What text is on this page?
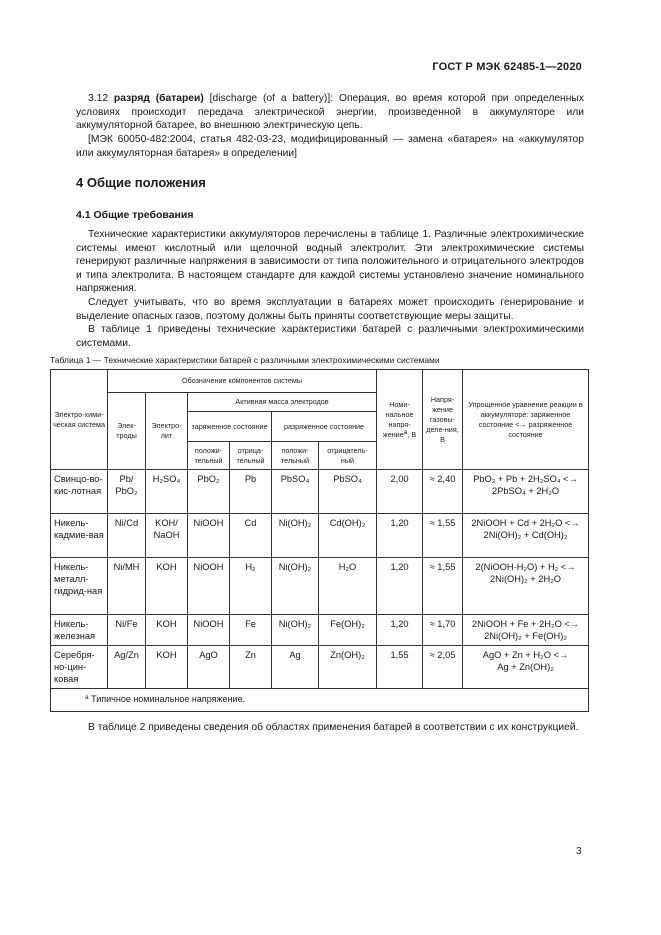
ГОСТ Р МЭК 62485-1—2020
3.12 разряд (батареи) [discharge (of a battery)]: Операция, во время которой при определенных условиях происходит передача электрической энергии, произведенной в аккумуляторе или аккумуляторной батарее, во внешнюю электрическую цепь.
[МЭК 60050-482:2004, статья 482-03-23, модифицированный — замена «батарея» на «аккумулятор или аккумуляторная батарея» в определении]
4 Общие положения
4.1 Общие требования
Технические характеристики аккумуляторов перечислены в таблице 1. Различные электрохимические системы имеют кислотный или щелочной водный электролит. Эти электрохимические системы генерируют различные напряжения в зависимости от типа положительного и отрицательного электродов и типа электролита. В настоящем стандарте для каждой системы установлено значение номинального напряжения.
Следует учитывать, что во время эксплуатации в батареях может происходить генерирование и выделение опасных газов, поэтому должны быть приняты соответствующие меры защиты.
В таблице 1 приведены технические характеристики батарей с различными электрохимическими системами.
Таблица 1 — Технические характеристики батарей с различными электрохимическими системами
Электро-хими-ческая система	Обозначение компонентов системы						Номи-нальное напря-жение$^a$, В	Напря-жение газовы-деле-ния, В	Упрощенное уравнение реакции в аккумуляторе: заряженное состояние <→ разряженное состояние
	Элек-троды	Электро-лит	Активная масса электродов						
			заряженное состояние		разряженное состояние				
			положи-тельный	отрица-тельный	положи-тельный	отрицатель-ный			
Свинцо-во-кис-лотная	Pb/ PbO₂	H₂SO₄	PbO₂	Pb	PbSO₄	PbSO₄	2,00	≈ 2,40	PbO₂ + Pb + 2H₂SO₄ <→
2PbSO₄ + 2H₂O

Никель-кадмие-вая	Ni/Cd	KOH/ NaOH	NiOOH	Cd	Ni(OH)₂	Cd(OH)₂	1,20	≈ 1,55	2NiOOH + Cd + 2H₂O <→
2Ni(OH)₂ + Cd(OH)₂

Никель-металл-гидрид-ная	Ni/MH	KOH	NiOOH	H₂	Ni(OH)₂	H₂O	1,20	≈ 1,55	2(NiOOH·H₂O) + H₂ <→
2Ni(OH)₂ + 2H₂O

Никель-железная	Ni/Fe	KOH	NiOOH	Fe	Ni(OH)₂	Fe(OH)₂	1,20	≈ 1,70	2NiOOH + Fe + 2H₂O <→
2Ni(OH)₂ + Fe(OH)₂

Серебря-но-цин-ковая	Ag/Zn	KOH	AgO	Zn	Ag	Zn(OH)₂	1,55	≈ 2,05	AgO + Zn + H₂O <→
Ag + Zn(OH)₂

$^a$ Типичное номинальное напряжение.									
В таблице 2 приведены сведения об областях применения батарей в соответствии с их конструкцией.
3
